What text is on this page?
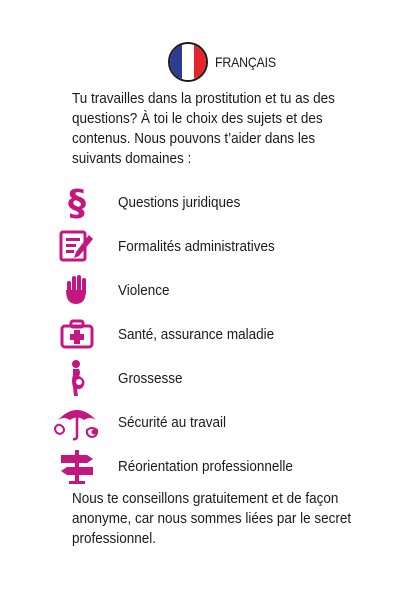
FRANÇAIS

Tu travailles dans la prostitution et tu as des questions? À toi le choix des sujets et des contenus. Nous pouvons t’aider dans les suivants domaines :

§ Questions juridiques
Formalités administratives
Violence
Santé, assurance maladie
Grossesse
Sécurité au travail
Réorientation professionnelle

Nous te conseillons gratuitement et de façon anonyme, car nous sommes liées par le secret professionnel.
